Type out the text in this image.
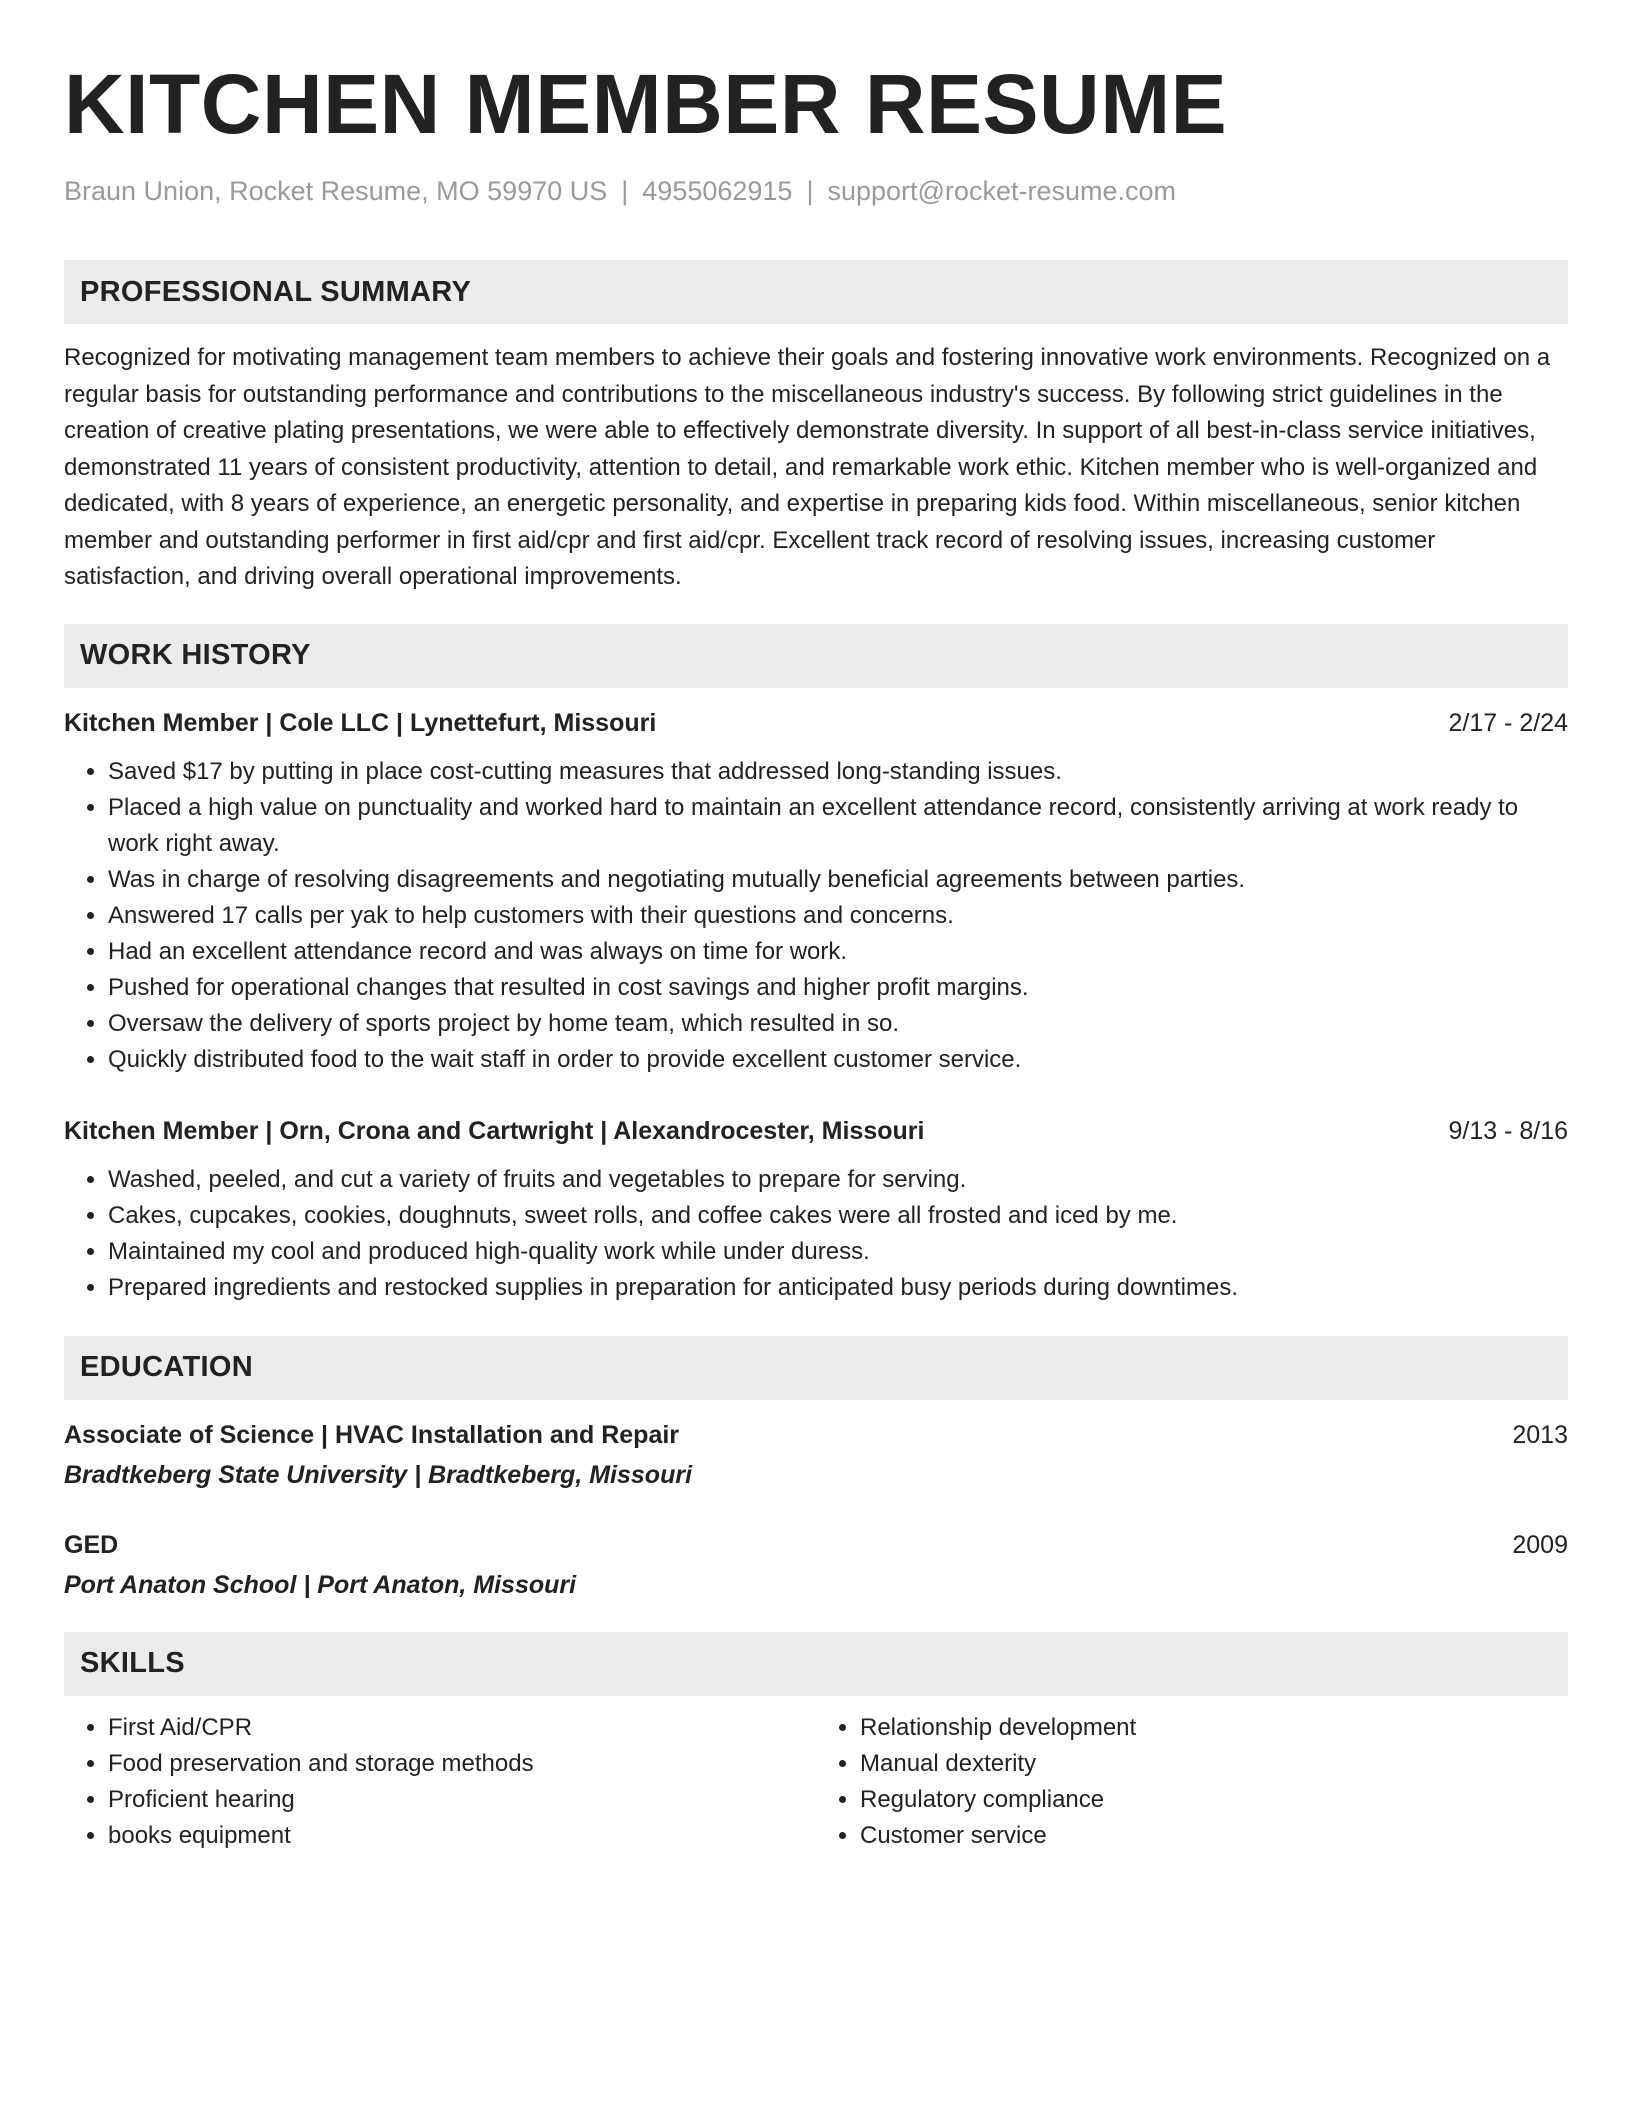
KITCHEN MEMBER RESUME
Braun Union, Rocket Resume, MO 59970 US | 4955062915 | support@rocket-resume.com
PROFESSIONAL SUMMARY
Recognized for motivating management team members to achieve their goals and fostering innovative work environments. Recognized on a regular basis for outstanding performance and contributions to the miscellaneous industry's success. By following strict guidelines in the creation of creative plating presentations, we were able to effectively demonstrate diversity. In support of all best-in-class service initiatives, demonstrated 11 years of consistent productivity, attention to detail, and remarkable work ethic. Kitchen member who is well-organized and dedicated, with 8 years of experience, an energetic personality, and expertise in preparing kids food. Within miscellaneous, senior kitchen member and outstanding performer in first aid/cpr and first aid/cpr. Excellent track record of resolving issues, increasing customer satisfaction, and driving overall operational improvements.
WORK HISTORY
Kitchen Member | Cole LLC | Lynettefurt, Missouri	2/17 - 2/24
• Saved $17 by putting in place cost-cutting measures that addressed long-standing issues.
• Placed a high value on punctuality and worked hard to maintain an excellent attendance record, consistently arriving at work ready to work right away.
• Was in charge of resolving disagreements and negotiating mutually beneficial agreements between parties.
• Answered 17 calls per yak to help customers with their questions and concerns.
• Had an excellent attendance record and was always on time for work.
• Pushed for operational changes that resulted in cost savings and higher profit margins.
• Oversaw the delivery of sports project by home team, which resulted in so.
• Quickly distributed food to the wait staff in order to provide excellent customer service.
Kitchen Member | Orn, Crona and Cartwright | Alexandrocester, Missouri	9/13 - 8/16
• Washed, peeled, and cut a variety of fruits and vegetables to prepare for serving.
• Cakes, cupcakes, cookies, doughnuts, sweet rolls, and coffee cakes were all frosted and iced by me.
• Maintained my cool and produced high-quality work while under duress.
• Prepared ingredients and restocked supplies in preparation for anticipated busy periods during downtimes.
EDUCATION
Associate of Science | HVAC Installation and Repair	2013
Bradtkeberg State University | Bradtkeberg, Missouri
GED	2009
Port Anaton School | Port Anaton, Missouri
SKILLS
• First Aid/CPR
• Food preservation and storage methods
• Proficient hearing
• books equipment
• Relationship development
• Manual dexterity
• Regulatory compliance
• Customer service
